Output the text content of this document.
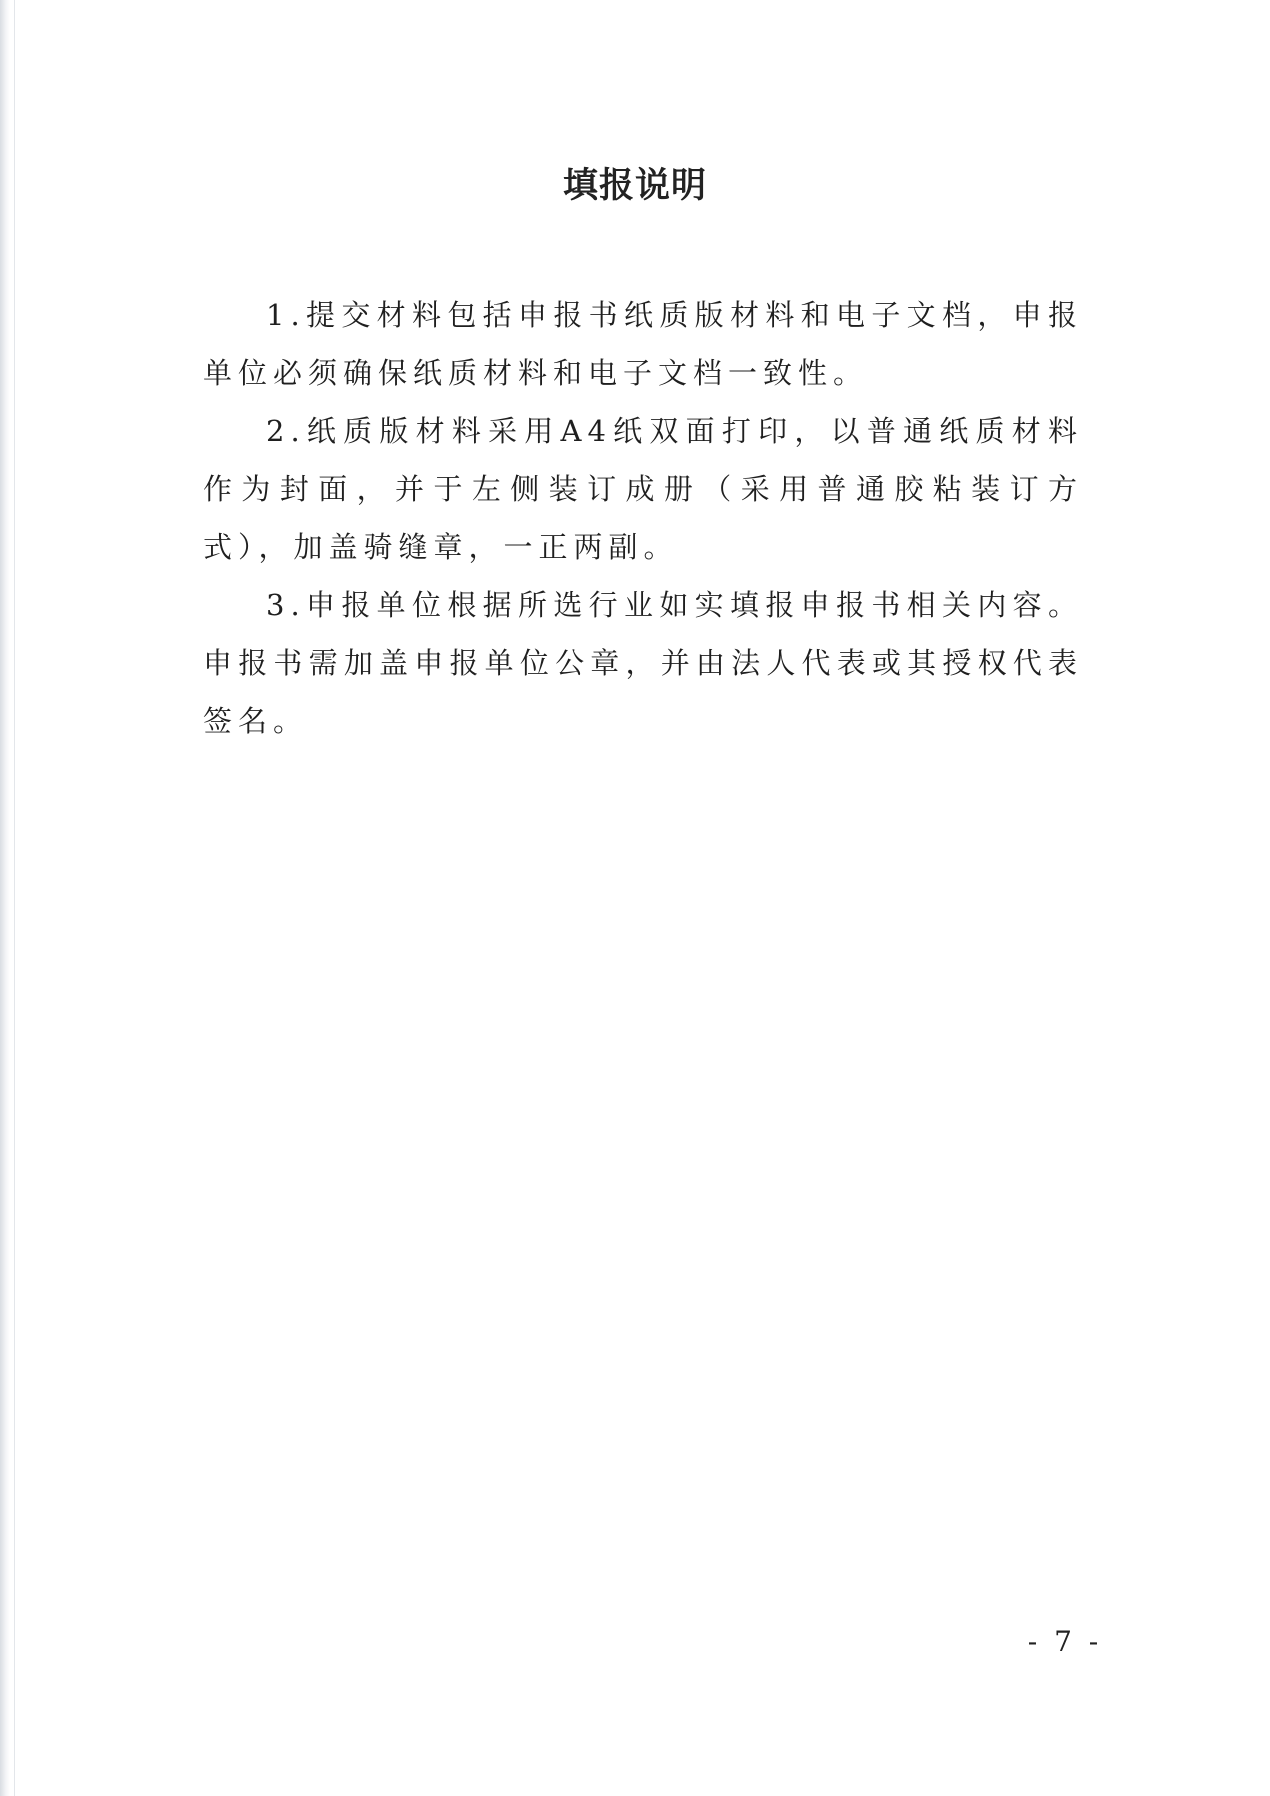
填报说明

1.提交材料包括申报书纸质版材料和电子文档，申报单位必须确保纸质材料和电子文档一致性。

2.纸质版材料采用A4纸双面打印，以普通纸质材料作为封面，并于左侧装订成册（采用普通胶粘装订方式），加盖骑缝章，一正两副。

3.申报单位根据所选行业如实填报申报书相关内容。申报书需加盖申报单位公章，并由法人代表或其授权代表签名。

- 7 -
